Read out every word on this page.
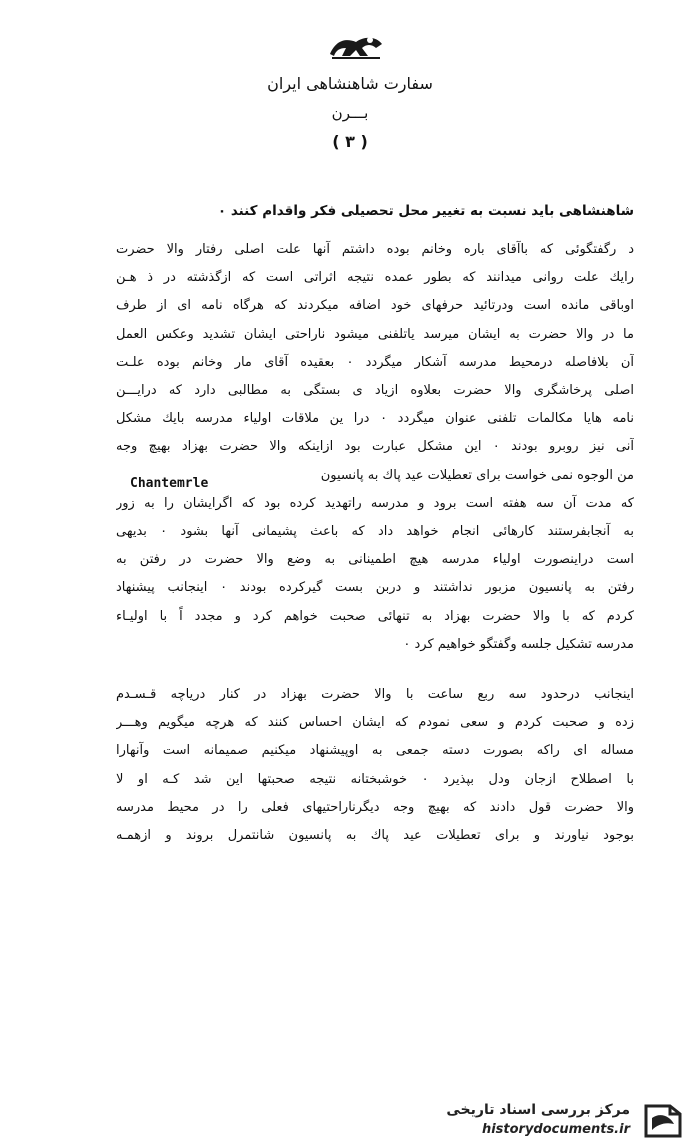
سفارت شاهنشاهی ایران
بـــرن
( ۳ )
شاهنشاهی باید نسبت به تغییر محل تحصیلی فکر واقدام کنند ٠
د رگفتگوئی که باآقای باره وخانم بوده داشتم آنها علت اصلی رفتار والا حضرت
رایك علت روانی میدانند که بطور عمده نتیجه اثراتی است که ازگذشته در ذ هـن
اوباقی مانده است ودرتائید حرفهای خود اضافه میکردند که هرگاه نامه ای از طرف
ما در والا حضرت به ایشان میرسد یاتلفنی میشود ناراحتی ایشان تشدید وعکس العمل
آن بلافاصله درمحیط مدرسه آشکار میگردد ٠ بعقیده آقای مار وخانم بوده علـت
اصلی پرخاشگری والا حضرت بعلاوه ازیاد ی بستگی به مطالبی دارد که درایـــن
نامه هایا مکالمات تلفنی عنوان میگردد ٠ درا ین ملاقات اولیاء مدرسه بایك مشکل
آنی نیز روبرو بودند ٠ این مشکل عبارت بود ازاینکه والا حضرت بهزاد بهیچ وجه
من الوجوه نمی خواست برای تعطیلات عید پاك به پانسیون
که مدت آن سه هفته است برود و مدرسه راتهدید کرده بود که اگرایشان را به زور
به آنجابفرستند کارهائی انجام خواهد داد که باعث پشیمانی آنها بشود ٠ بدیهی
است دراینصورت اولیاء مدرسه هیچ اطمینانی به وضع والا حضرت در رفتن به
رفتن به پانسیون مزبور نداشتند و دربن بست گیرکرده بودند ٠ اینجانب پیشنهاد
کردم که با والا حضرت بهزاد به تنهائی صحبت خواهم کرد و مجدد اً با اولیـاء
مدرسه تشکیل جلسه وگفتگو خواهیم کرد ٠
Chantemrle
اینجانب درحدود سه ربع ساعت با والا حضرت بهزاد در کنار دریاچه قـسـدم
زده و صحبت کردم و سعی نمودم که ایشان احساس کنند که هرچه میگویم وهـــر
مساله ای راکه بصورت دسته جمعی به اوپیشنهاد میکنیم صمیمانه است وآنهارا
با اصطلاح ازجان ودل بپذیرد ٠ خوشبختانه نتیجه صحبتها این شد کـه او لا
والا حضرت قول دادند که بهیچ وجه دیگرناراحتیهای فعلی را در محیط مدرسه
بوجود نیاورند و برای تعطیلات عید پاك به پانسیون شانتمرل بروند و ازهمـه
مرکز بررسی اسناد تاریخی
historydocuments.ir
